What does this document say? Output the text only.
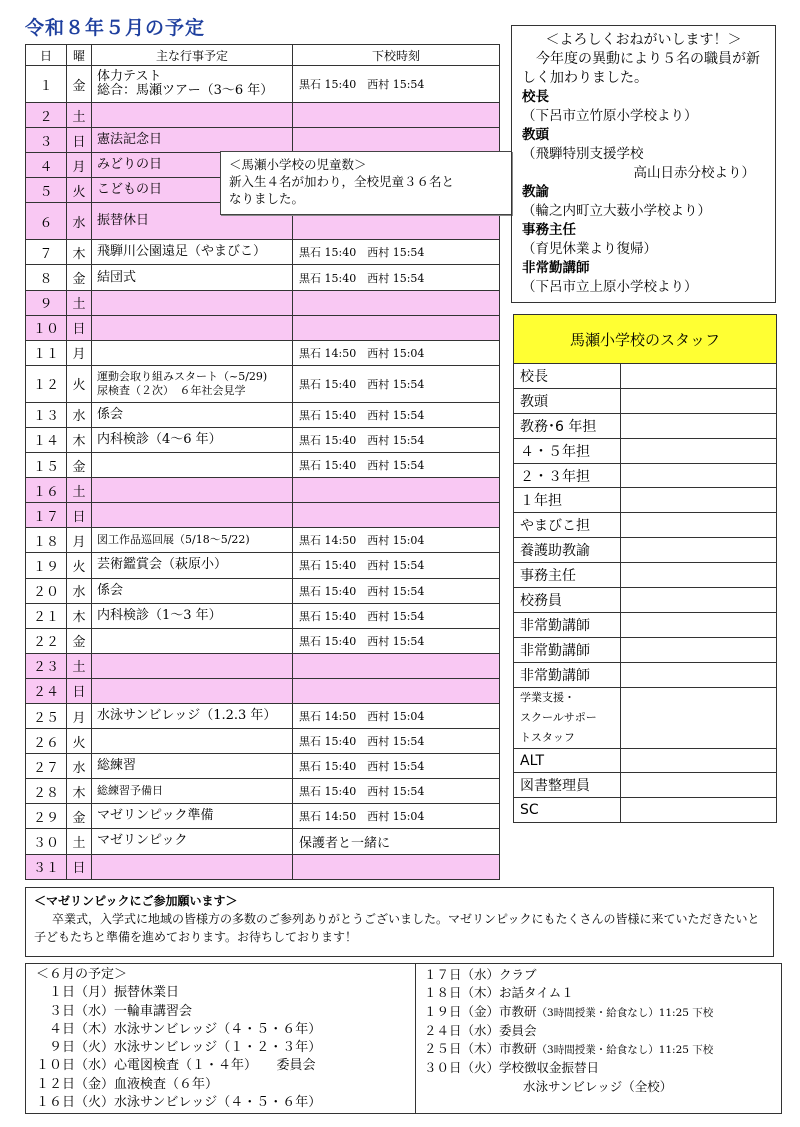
令和８年５月の予定
日	曜	主な行事予定	下校時刻
１	金	体力テスト
総合：馬瀬ツアー（3～6 年）	黒石 15:40　西村 15:54
２	土		
３	日	憲法記念日	
４	月	みどりの日	
５	火	こどもの日	
６	水	振替休日	
７	木	飛騨川公園遠足（やまびこ）	黒石 15:40　西村 15:54
８	金	結団式	黒石 15:40　西村 15:54
９	土		
１０	日		
１１	月		黒石 14:50　西村 15:04
１２	火	運動会取り組みスタート（~5/29)
尿検査（２次）　６年社会見学	黒石 15:40　西村 15:54
１３	水	係会	黒石 15:40　西村 15:54
１４	木	内科検診（4～6 年）	黒石 15:40　西村 15:54
１５	金		黒石 15:40　西村 15:54
１６	土		
１７	日		
１８	月	図工作品巡回展（5/18～5/22)	黒石 14:50　西村 15:04
１９	火	芸術鑑賞会（萩原小）	黒石 15:40　西村 15:54
２０	水	係会	黒石 15:40　西村 15:54
２１	木	内科検診（1～3 年）	黒石 15:40　西村 15:54
２２	金		黒石 15:40　西村 15:54
２３	土		
２４	日		
２５	月	水泳サンビレッジ（1.2.3 年）	黒石 14:50　西村 15:04
２６	火		黒石 15:40　西村 15:54
２７	水	総練習	黒石 15:40　西村 15:54
２８	木	総練習予備日	黒石 15:40　西村 15:54
２９	金	マゼリンピック準備	黒石 14:50　西村 15:04
３０	土	マゼリンピック	保護者と一緒に
３１	日		
＜馬瀬小学校の児童数＞
新入生４名が加わり，全校児童３６名と
なりました。
＜よろしくおねがいします！＞
今年度の異動により５名の職員が新しく加わりました。
校長
（下呂市立竹原小学校より）
教頭
（飛騨特別支援学校
高山日赤分校より）
教諭
（輪之内町立大薮小学校より）
事務主任
（育児休業より復帰）
非常勤講師
（下呂市立上原小学校より）
馬瀬小学校のスタッフ	
校長	
教頭	
教務･6 年担	
４・５年担	
２・３年担	
１年担	
やまびこ担	
養護助教諭	
事務主任	
校務員	
非常勤講師	
非常勤講師	
非常勤講師	
学業支援・
スクールサポー
トスタッフ	
ALT	
図書整理員	
SC	
＜マゼリンピックにご参加願います＞
卒業式，入学式に地域の皆様方の多数のご参列ありがとうございました。マゼリンピックにもたくさんの皆様に来ていただきたいと子どもたちと準備を進めております。お待ちしております！
＜６月の予定＞
　１日（月）振替休業日
　３日（水）一輪車講習会
　４日（木）水泳サンビレッジ（４・５・６年）
　９日（火）水泳サンビレッジ（１・２・３年）
１０日（水）心電図検査（１・４年）　　委員会
１２日（金）血液検査（６年）
１６日（火）水泳サンビレッジ（４・５・６年）
１７日（水）クラブ
１８日（木）お話タイム１
１９日（金）市教研（3時間授業・給食なし）11:25 下校
２４日（水）委員会
２５日（木）市教研（3時間授業・給食なし）11:25 下校
３０日（火）学校徴収金振替日
水泳サンビレッジ（全校）
